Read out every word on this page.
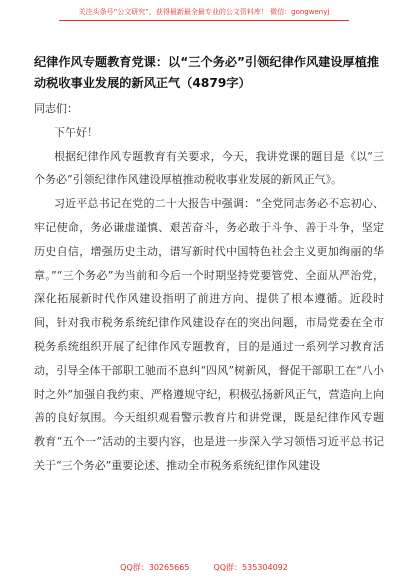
关注头条号“公文研究”，获得最新最全最专业的公文资料库！ 微信：gongwenyj
纪律作风专题教育党课：以“三个务必”引领纪律作风建设厚植推动税收事业发展的新风正气（4879字）

同志们：

下午好！

根据纪律作风专题教育有关要求，今天，我讲党课的题目是《以“三个务必”引领纪律作风建设厚植推动税收事业发展的新风正气》。

习近平总书记在党的二十大报告中强调：“全党同志务必不忘初心、牢记使命，务必谦虚谨慎、艰苦奋斗，务必敢于斗争、善于斗争，坚定历史自信，增强历史主动，谱写新时代中国特色社会主义更加绚丽的华章。”“三个务必”为当前和今后一个时期坚持党要管党、全面从严治党，深化拓展新时代作风建设指明了前进方向、提供了根本遵循。近段时间，针对我市税务系统纪律作风建设存在的突出问题，市局党委在全市税务系统组织开展了纪律作风专题教育，目的是通过一系列学习教育活动，引导全体干部职工驰而不息纠“四风”树新风，督促干部职工在“八小时之外”加强自我约束、严格遵规守纪，积极弘扬新风正气，营造向上向善的良好氛围。今天组织观看警示教育片和讲党课，既是纪律作风专题教育“五个一”活动的主要内容，也是进一步深入学习领悟习近平总书记关于“三个务必”重要论述、推动全市税务系统纪律作风建设

QQ群：30265665	QQ群：535304092
